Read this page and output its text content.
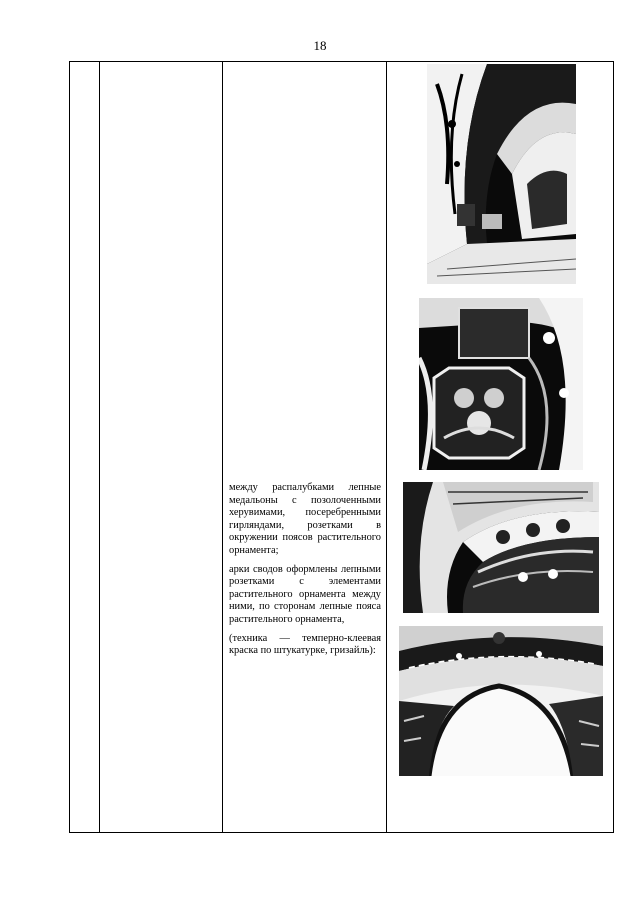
18

между распалубками лепные медальоны с позолоченными херувимами, посеребренными гирляндами, розетками в окружении поясов растительного орнамента;

арки сводов оформлены лепными розетками с элементами растительного орнамента между ними, по сторонам лепные пояса растительного орнамента,

(техника — темперно-клеевая краска по штукатурке, гризайль):
